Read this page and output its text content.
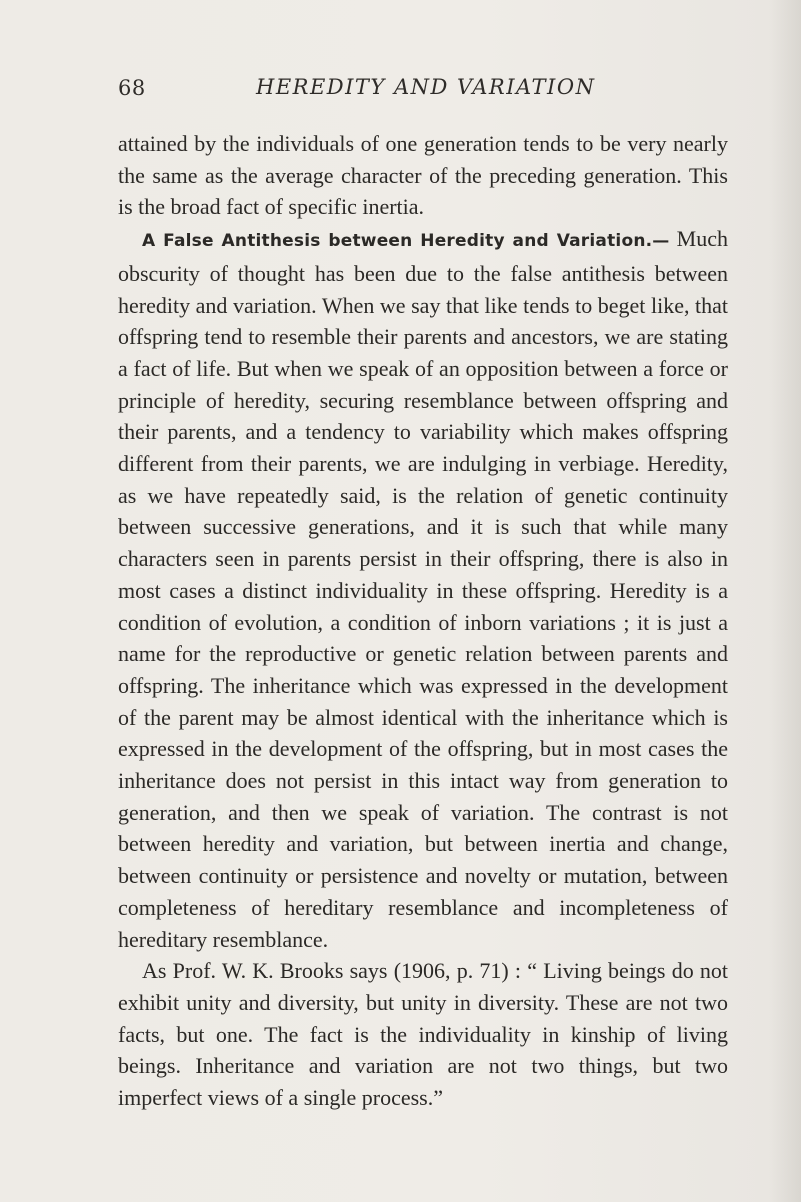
68	HEREDITY AND VARIATION

attained by the individuals of one generation tends to be very nearly the same as the average character of the preceding generation. This is the broad fact of specific inertia.

A False Antithesis between Heredity and Variation.— Much obscurity of thought has been due to the false antithesis between heredity and variation. When we say that like tends to beget like, that offspring tend to resemble their parents and ancestors, we are stating a fact of life. But when we speak of an opposition between a force or principle of heredity, securing resemblance between offspring and their parents, and a tendency to variability which makes offspring different from their parents, we are indulging in verbiage. Heredity, as we have repeatedly said, is the relation of genetic continuity between successive generations, and it is such that while many characters seen in parents persist in their offspring, there is also in most cases a distinct individuality in these offspring. Heredity is a condition of evolution, a condition of inborn variations ; it is just a name for the reproductive or genetic relation between parents and offspring. The inheritance which was expressed in the development of the parent may be almost identical with the inheritance which is expressed in the development of the offspring, but in most cases the inheritance does not persist in this intact way from generation to generation, and then we speak of variation. The contrast is not between heredity and variation, but between inertia and change, between continuity or persistence and novelty or mutation, between completeness of hereditary resemblance and incompleteness of hereditary resemblance.

As Prof. W. K. Brooks says (1906, p. 71) : “ Living beings do not exhibit unity and diversity, but unity in diversity. These are not two facts, but one. The fact is the individuality in kinship of living beings. Inheritance and variation are not two things, but two imperfect views of a single process.”
